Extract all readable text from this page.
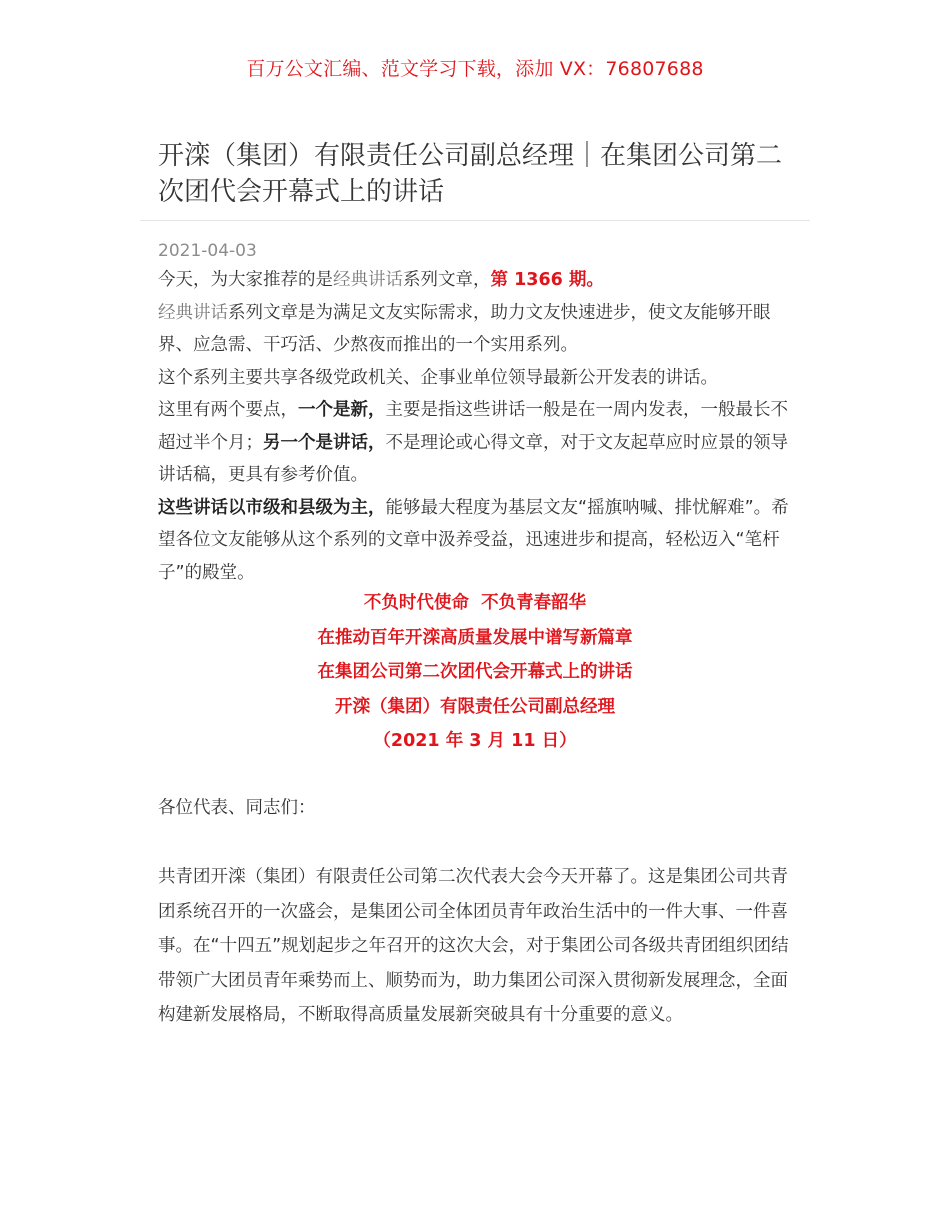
百万公文汇编、范文学习下载，添加 VX：76807688
开滦（集团）有限责任公司副总经理｜在集团公司第二次团代会开幕式上的讲话
2021-04-03

今天，为大家推荐的是经典讲话系列文章，第 1366 期。

经典讲话系列文章是为满足文友实际需求，助力文友快速进步，使文友能够开眼界、应急需、干巧活、少熬夜而推出的一个实用系列。

这个系列主要共享各级党政机关、企事业单位领导最新公开发表的讲话。

这里有两个要点，一个是新，主要是指这些讲话一般是在一周内发表，一般最长不超过半个月；另一个是讲话，不是理论或心得文章，对于文友起草应时应景的领导讲话稿，更具有参考价值。

这些讲话以市级和县级为主，能够最大程度为基层文友“摇旗呐喊、排忧解难”。希望各位文友能够从这个系列的文章中汲养受益，迅速进步和提高，轻松迈入“笔杆子”的殿堂。

不负时代使命  不负青春韶华

在推动百年开滦高质量发展中谱写新篇章

在集团公司第二次团代会开幕式上的讲话

开滦（集团）有限责任公司副总经理

（2021 年 3 月 11 日）

各位代表、同志们：

共青团开滦（集团）有限责任公司第二次代表大会今天开幕了。这是集团公司共青团系统召开的一次盛会，是集团公司全体团员青年政治生活中的一件大事、一件喜事。在“十四五”规划起步之年召开的这次大会，对于集团公司各级共青团组织团结带领广大团员青年乘势而上、顺势而为，助力集团公司深入贯彻新发展理念，全面构建新发展格局，不断取得高质量发展新突破具有十分重要的意义。
